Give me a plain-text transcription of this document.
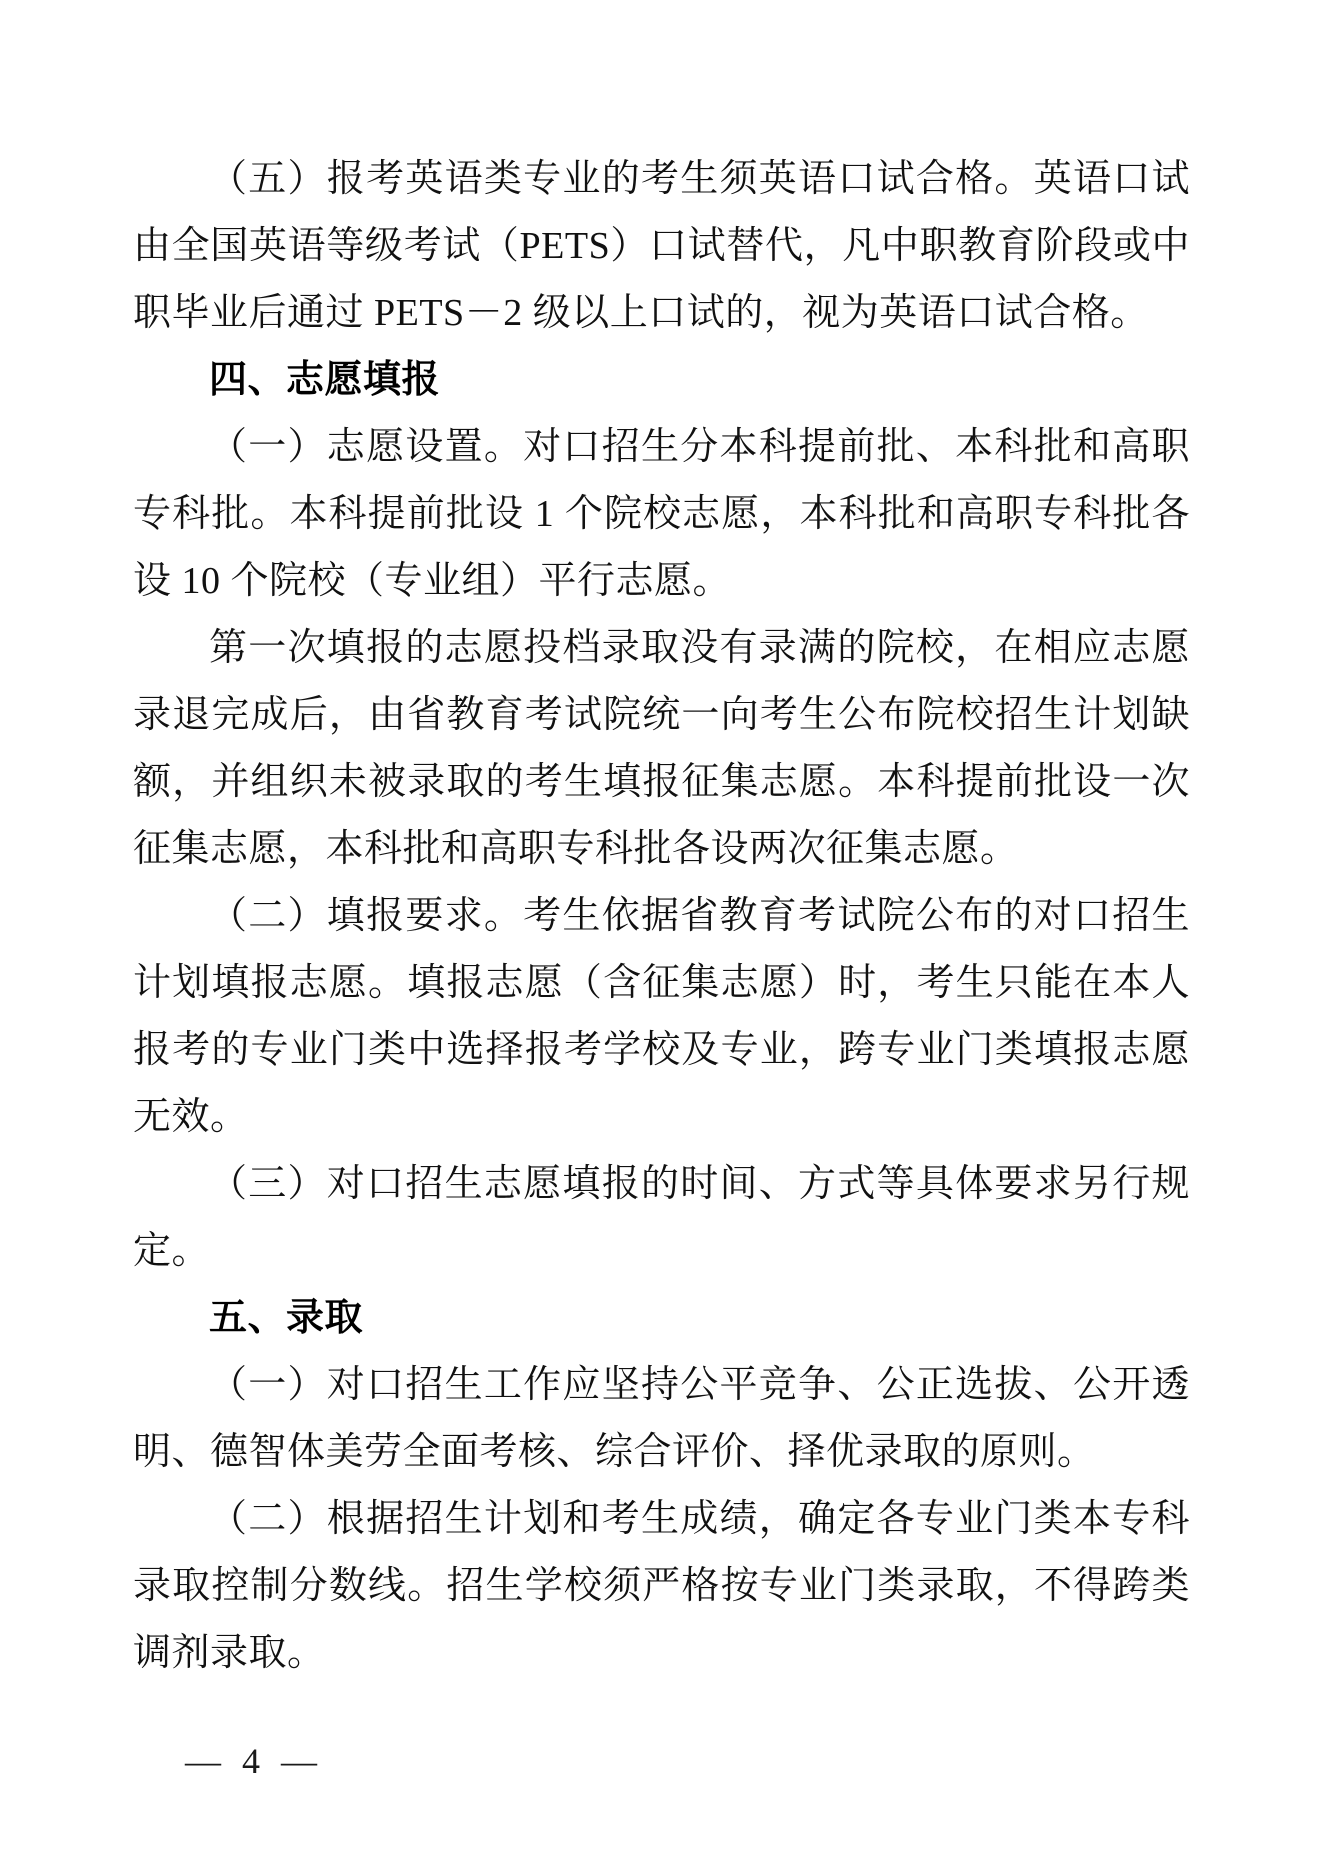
（五）报考英语类专业的考生须英语口试合格。英语口试由全国英语等级考试（PETS）口试替代，凡中职教育阶段或中职毕业后通过 PETS－2 级以上口试的，视为英语口试合格。

四、志愿填报

（一）志愿设置。对口招生分本科提前批、本科批和高职专科批。本科提前批设 1 个院校志愿，本科批和高职专科批各设 10 个院校（专业组）平行志愿。

第一次填报的志愿投档录取没有录满的院校，在相应志愿录退完成后，由省教育考试院统一向考生公布院校招生计划缺额，并组织未被录取的考生填报征集志愿。本科提前批设一次征集志愿，本科批和高职专科批各设两次征集志愿。

（二）填报要求。考生依据省教育考试院公布的对口招生计划填报志愿。填报志愿（含征集志愿）时，考生只能在本人报考的专业门类中选择报考学校及专业，跨专业门类填报志愿无效。

（三）对口招生志愿填报的时间、方式等具体要求另行规定。

五、录取

（一）对口招生工作应坚持公平竞争、公正选拔、公开透明、德智体美劳全面考核、综合评价、择优录取的原则。

（二）根据招生计划和考生成绩，确定各专业门类本专科录取控制分数线。招生学校须严格按专业门类录取，不得跨类调剂录取。

— 4 —
